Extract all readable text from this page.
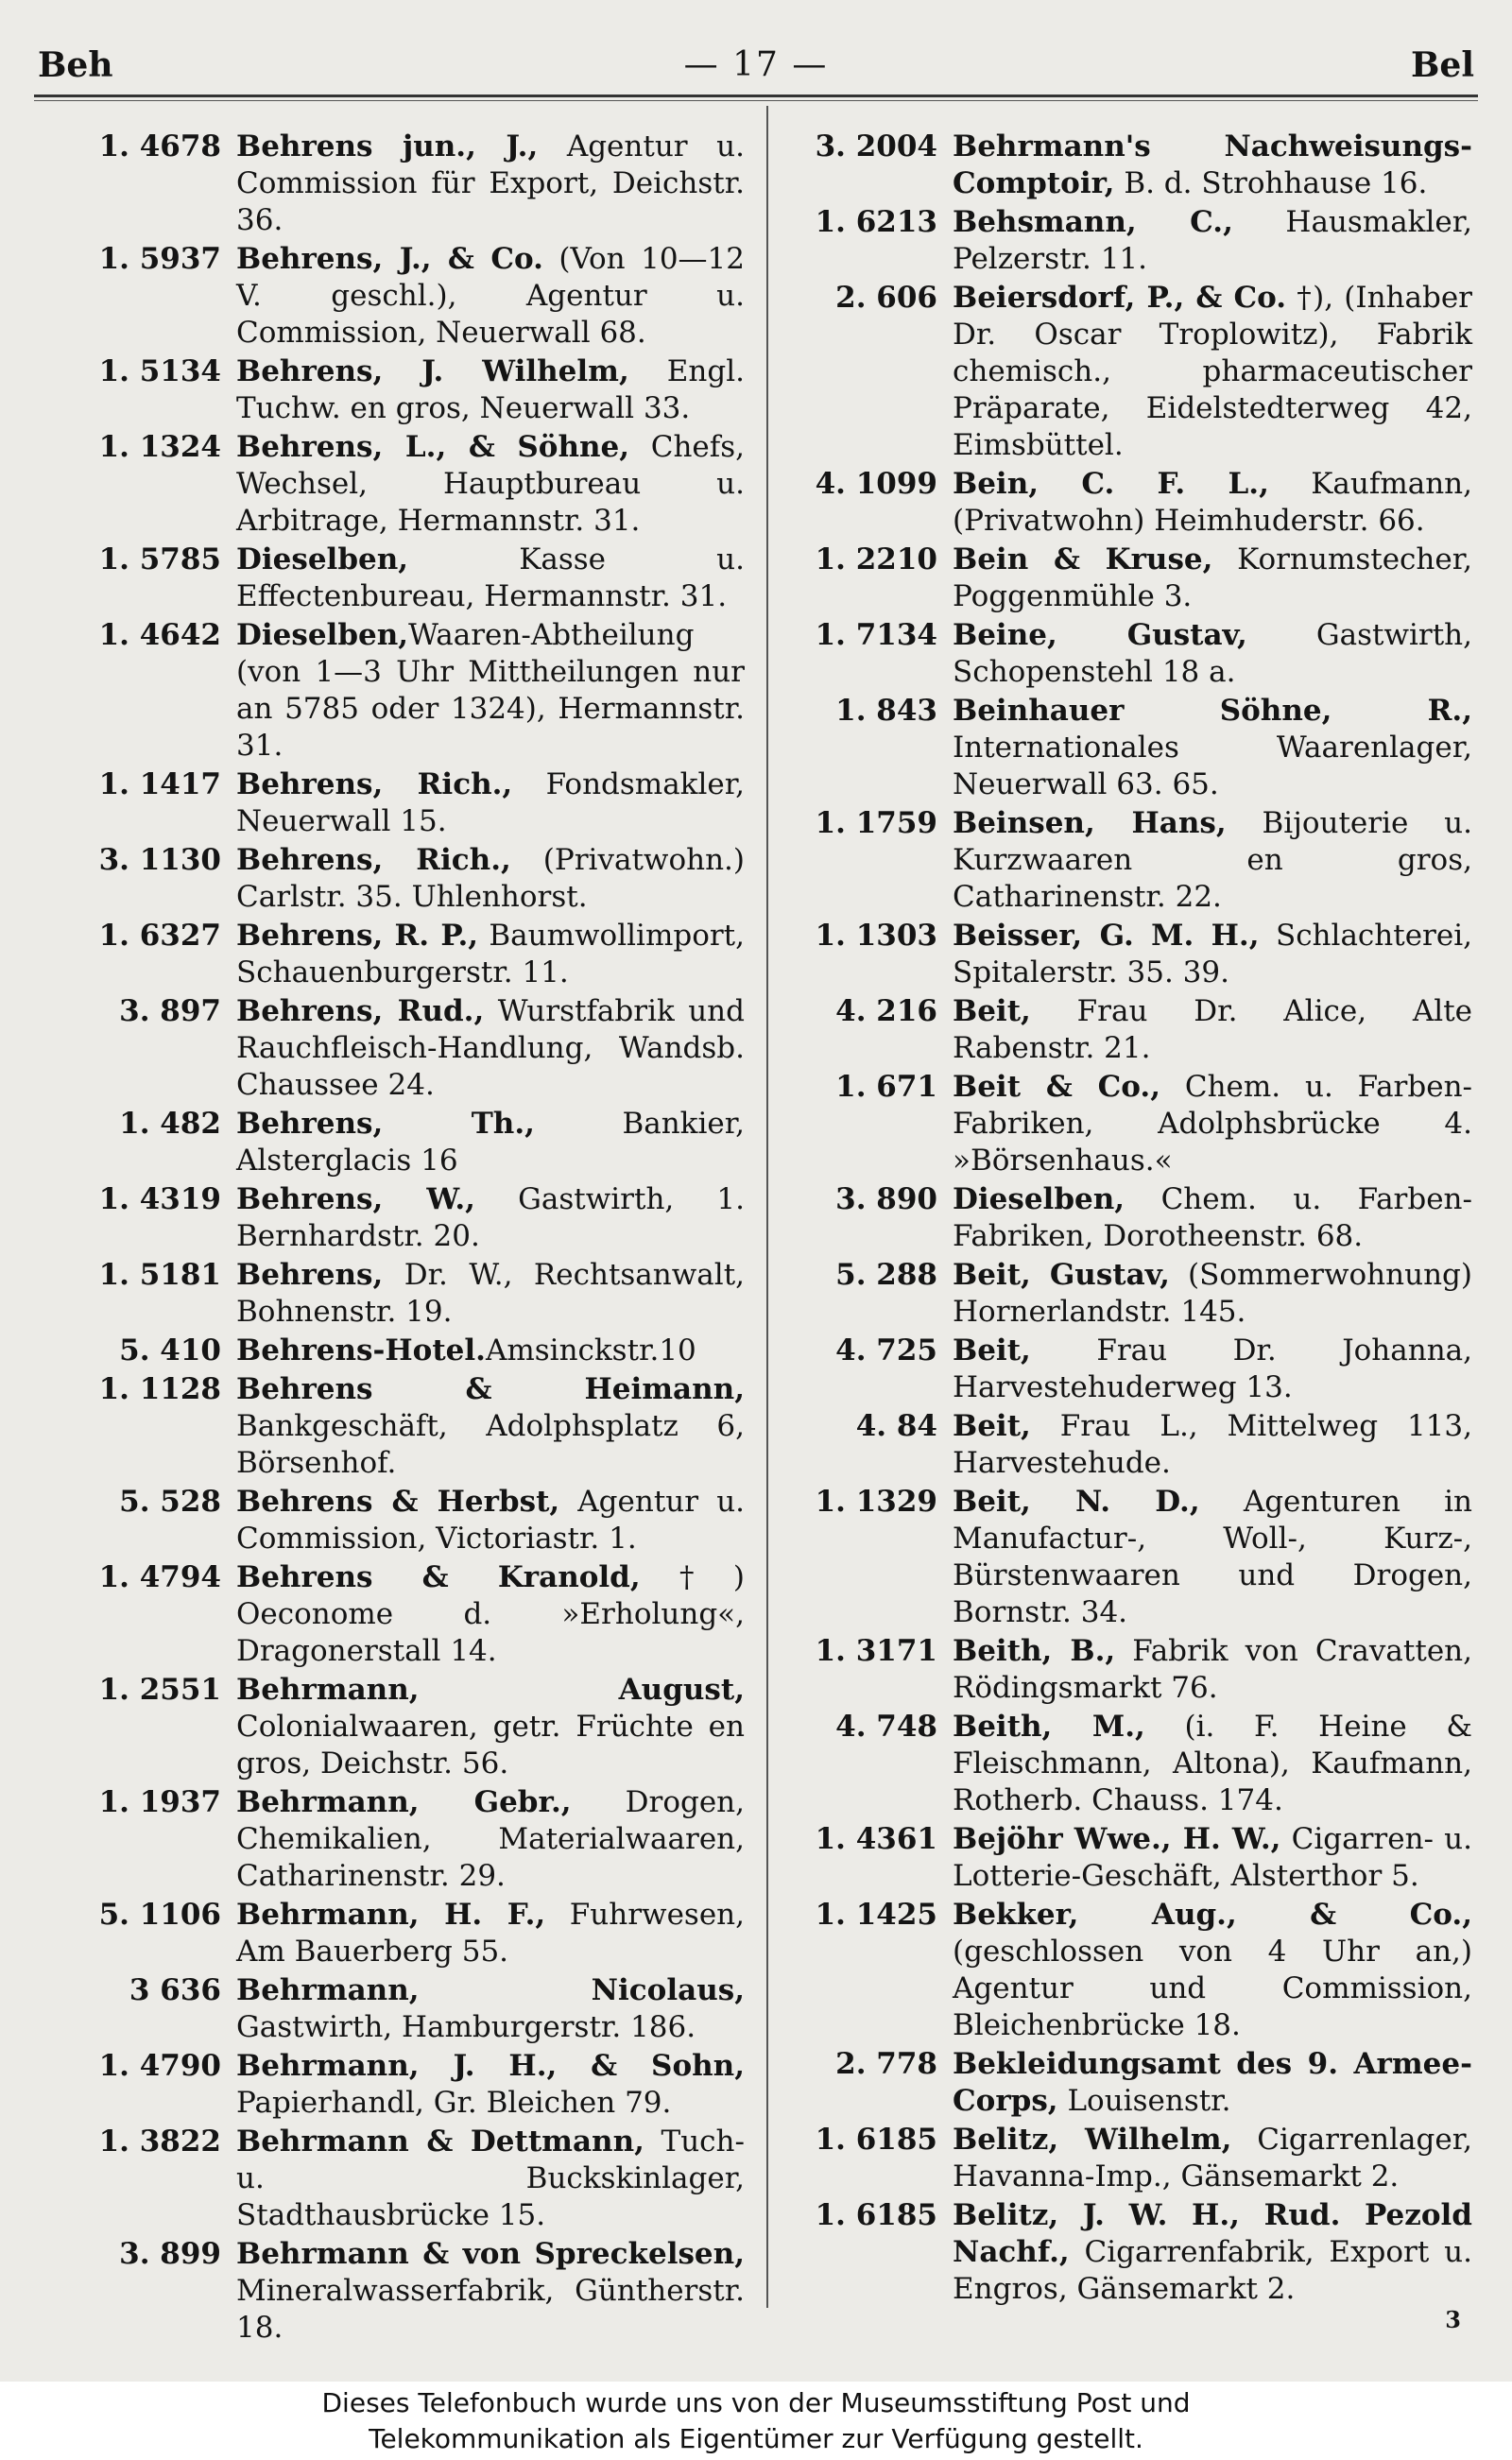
Beh	— 17 —	Bel
1. 4678 Behrens jun., J., Agentur u. Commission für Export, Deichstr. 36.
1. 5937 Behrens, J., & Co. (Von 10—12 V. geschl.), Agentur u. Commission, Neuerwall 68.
1. 5134 Behrens, J. Wilhelm, Engl. Tuchw. en gros, Neuerwall 33.
1. 1324 Behrens, L., & Söhne, Chefs, Wechsel, Hauptbureau u. Arbitrage, Hermannstr. 31.
1. 5785 Dieselben, Kasse u. Effectenbureau, Hermannstr. 31.
1. 4642 Dieselben,Waaren-Abtheilung (von 1—3 Uhr Mittheilungen nur an 5785 oder 1324), Hermannstr. 31.
1. 1417 Behrens, Rich., Fondsmakler, Neuerwall 15.
3. 1130 Behrens, Rich., (Privatwohn.) Carlstr. 35. Uhlenhorst.
1. 6327 Behrens, R. P., Baumwollimport, Schauenburgerstr. 11.
3. 897 Behrens, Rud., Wurstfabrik und Rauchfleisch-Handlung, Wandsb. Chaussee 24.
1. 482 Behrens, Th., Bankier, Alsterglacis 16
1. 4319 Behrens, W., Gastwirth, 1. Bernhardstr. 20.
1. 5181 Behrens, Dr. W., Rechtsanwalt, Bohnenstr. 19.
5. 410 Behrens-Hotel.Amsinckstr.10
1. 1128 Behrens & Heimann, Bankgeschäft, Adolphsplatz 6, Börsenhof.
5. 528 Behrens & Herbst, Agentur u. Commission, Victoriastr. 1.
1. 4794 Behrens & Kranold,†) Oeconome d. »Erholung«, Dragonerstall 14.
1. 2551 Behrmann, August, Colonialwaaren, getr. Früchte en gros, Deichstr. 56.
1. 1937 Behrmann, Gebr., Drogen, Chemikalien, Materialwaaren, Catharinenstr. 29.
5. 1106 Behrmann, H. F., Fuhrwesen, Am Bauerberg 55.
3 636 Behrmann, Nicolaus, Gastwirth, Hamburgerstr. 186.
1. 4790 Behrmann, J. H., & Sohn, Papierhandl, Gr. Bleichen 79.
1. 3822 Behrmann & Dettmann, Tuch- u. Buckskinlager, Stadthausbrücke 15.
3. 899 Behrmann & von Spreckelsen, Mineralwasserfabrik, Güntherstr. 18.
3. 2004 Behrmann's Nachweisungs-Comptoir, B. d. Strohhause 16.
1. 6213 Behsmann, C., Hausmakler, Pelzerstr. 11.
2. 606 Beiersdorf, P., & Co. †), (Inhaber Dr. Oscar Troplowitz), Fabrik chemisch., pharmaceutischer Präparate, Eidelstedterweg 42, Eimsbüttel.
4. 1099 Bein, C. F. L., Kaufmann, (Privatwohn) Heimhuderstr. 66.
1. 2210 Bein & Kruse, Kornumstecher, Poggenmühle 3.
1. 7134 Beine, Gustav, Gastwirth, Schopenstehl 18 a.
1. 843 Beinhauer Söhne, R., Internationales Waarenlager, Neuerwall 63. 65.
1. 1759 Beinsen, Hans, Bijouterie u. Kurzwaaren en gros, Catharinenstr. 22.
1. 1303 Beisser, G. M. H., Schlachterei, Spitalerstr. 35. 39.
4. 216 Beit, Frau Dr. Alice, Alte Rabenstr. 21.
1. 671 Beit & Co., Chem. u. Farben-Fabriken, Adolphsbrücke 4. »Börsenhaus.«
3. 890 Dieselben, Chem. u. Farben-Fabriken, Dorotheenstr. 68.
5. 288 Beit, Gustav, (Sommerwohnung) Hornerlandstr. 145.
4. 725 Beit, Frau Dr. Johanna, Harvestehuderweg 13.
4. 84 Beit, Frau L., Mittelweg 113, Harvestehude.
1. 1329 Beit, N. D., Agenturen in Manufactur-, Woll-, Kurz-, Bürstenwaaren und Drogen, Bornstr. 34.
1. 3171 Beith, B., Fabrik von Cravatten, Rödingsmarkt 76.
4. 748 Beith, M., (i. F. Heine & Fleischmann, Altona), Kaufmann, Rotherb. Chauss. 174.
1. 4361 Bejöhr Wwe., H. W., Cigarren- u. Lotterie-Geschäft, Alsterthor 5.
1. 1425 Bekker, Aug., & Co., (geschlossen von 4 Uhr an,) Agentur und Commission, Bleichenbrücke 18.
2. 778 Bekleidungsamt des 9. Armee-Corps, Louisenstr.
1. 6185 Belitz, Wilhelm, Cigarrenlager, Havanna-Imp., Gänsemarkt 2.
1. 6185 Belitz, J. W. H., Rud. Pezold Nachf., Cigarrenfabrik, Export u. Engros, Gänsemarkt 2.
3
Dieses Telefonbuch wurde uns von der Museumsstiftung Post und
Telekommunikation als Eigentümer zur Verfügung gestellt.
